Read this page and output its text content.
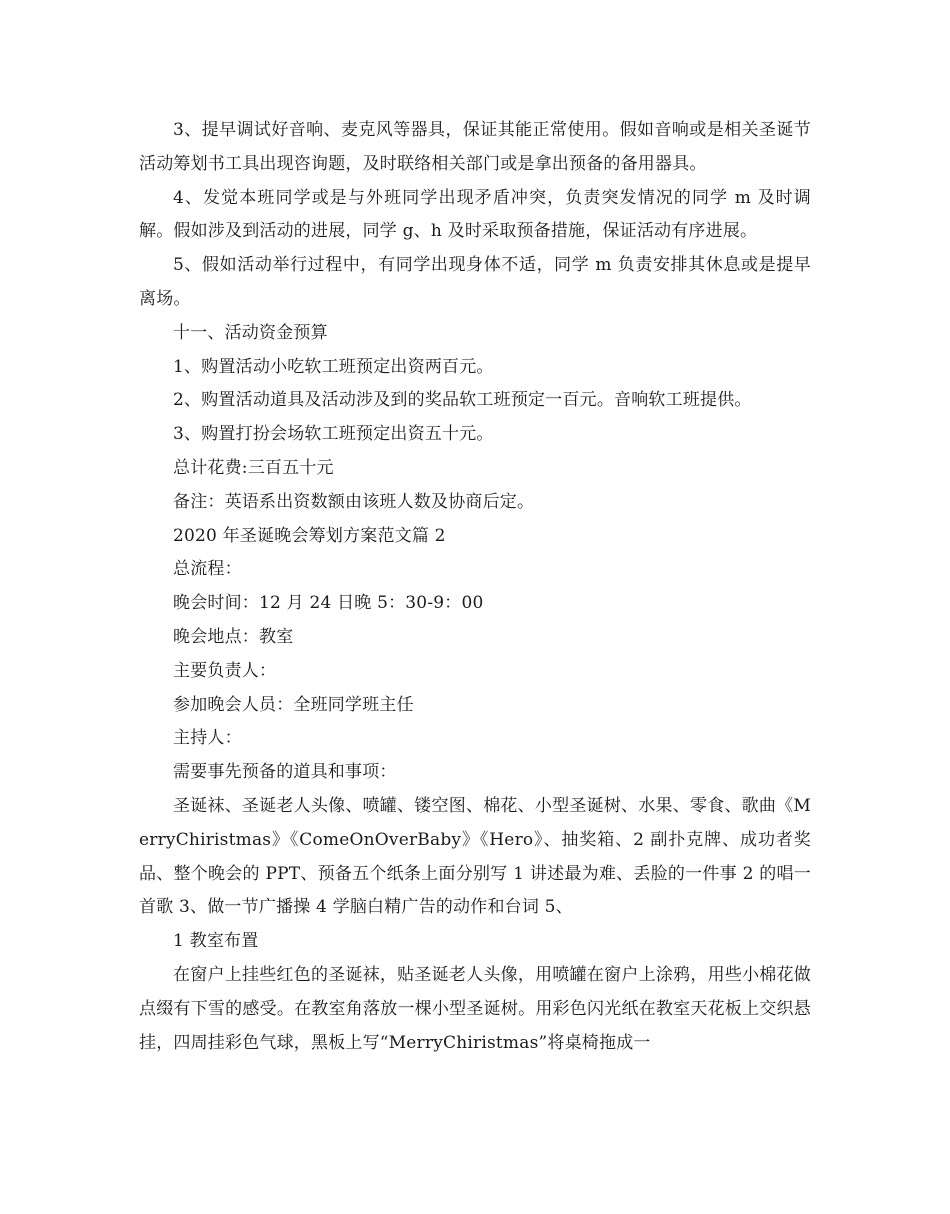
3、提早调试好音响、麦克风等器具，保证其能正常使用。假如音响或是相关圣诞节活动筹划书工具出现咨询题，及时联络相关部门或是拿出预备的备用器具。

4、发觉本班同学或是与外班同学出现矛盾冲突，负责突发情况的同学 m 及时调解。假如涉及到活动的进展，同学 g、h 及时采取预备措施，保证活动有序进展。

5、假如活动举行过程中，有同学出现身体不适，同学 m 负责安排其休息或是提早离场。

十一、活动资金预算

1、购置活动小吃软工班预定出资两百元。

2、购置活动道具及活动涉及到的奖品软工班预定一百元。音响软工班提供。

3、购置打扮会场软工班预定出资五十元。

总计花费:三百五十元

备注：英语系出资数额由该班人数及协商后定。

2020 年圣诞晚会筹划方案范文篇 2

总流程：

晚会时间：12 月 24 日晚 5：30-9：00

晚会地点：教室

主要负责人：

参加晚会人员：全班同学班主任

主持人：

需要事先预备的道具和事项：

圣诞袜、圣诞老人头像、喷罐、镂空图、棉花、小型圣诞树、水果、零食、歌曲《MerryChiristmas》《ComeOnOverBaby》《Hero》、抽奖箱、2 副扑克牌、成功者奖品、整个晚会的 PPT、预备五个纸条上面分别写 1 讲述最为难、丢脸的一件事 2 的唱一首歌 3、做一节广播操 4 学脑白精广告的动作和台词 5、

1 教室布置

在窗户上挂些红色的圣诞袜，贴圣诞老人头像，用喷罐在窗户上涂鸦，用些小棉花做点缀有下雪的感受。在教室角落放一棵小型圣诞树。用彩色闪光纸在教室天花板上交织悬挂，四周挂彩色气球，黑板上写“MerryChiristmas”将桌椅拖成一
